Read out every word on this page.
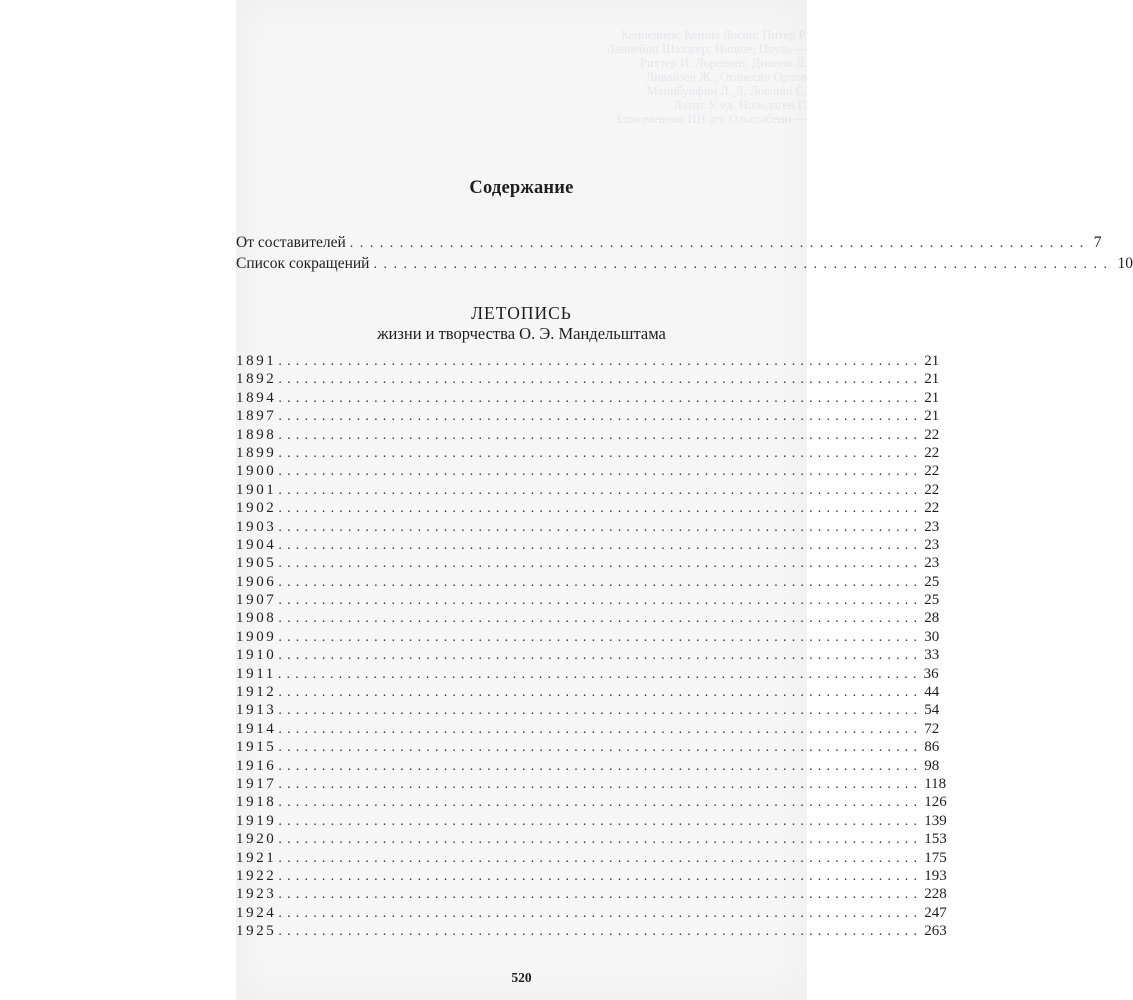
Кеннедиев; Кенны Лосон; Питер Р.
Ланнейон Шалзгер; Ницше; Поуль —
Рихтер И. Лорензен; Дионов Л.
Ливайзен Ж.; Оганесян Орлов
Манибунфин Л. Д. Ловлиш С.
Латит У. ед. Нольдаген Г.
Злоизменник ИН аго Ольстабени —
Содержание
От составителей .......................................................................... 7
Список сокращений .......................................................................... 10
ЛЕТОПИСЬ
жизни и творчества О. Э. Мандельштама
1891 .......................................................................... 21
1892 .......................................................................... 21
1894 .......................................................................... 21
1897 .......................................................................... 21
1898 .......................................................................... 22
1899 .......................................................................... 22
1900 .......................................................................... 22
1901 .......................................................................... 22
1902 .......................................................................... 22
1903 .......................................................................... 23
1904 .......................................................................... 23
1905 .......................................................................... 23
1906 .......................................................................... 25
1907 .......................................................................... 25
1908 .......................................................................... 28
1909 .......................................................................... 30
1910 .......................................................................... 33
1911 .......................................................................... 36
1912 .......................................................................... 44
1913 .......................................................................... 54
1914 .......................................................................... 72
1915 .......................................................................... 86
1916 .......................................................................... 98
1917 .......................................................................... 118
1918 .......................................................................... 126
1919 .......................................................................... 139
1920 .......................................................................... 153
1921 .......................................................................... 175
1922 .......................................................................... 193
1923 .......................................................................... 228
1924 .......................................................................... 247
1925 .......................................................................... 263
520
